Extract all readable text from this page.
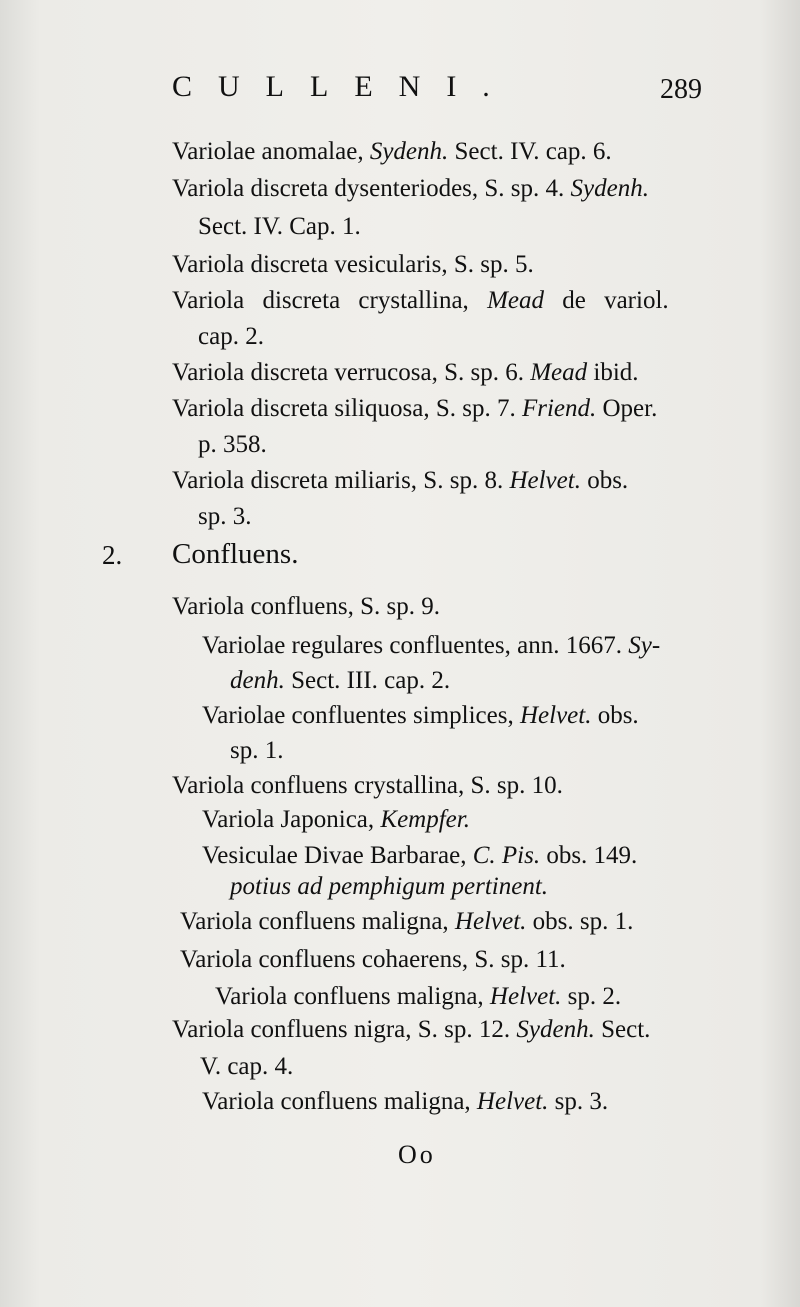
CULLENI.	289
Variolae anomalae, Sydenh. Sect. IV. cap. 6.
Variola discreta dysenteriodes, S. sp. 4. Sydenh.
Sect. IV. Cap. 1.
Variola discreta vesicularis, S. sp. 5.
Variola discreta crystallina, Mead de variol.
cap. 2.
Variola discreta verrucosa, S. sp. 6. Mead ibid.
Variola discreta siliquosa, S. sp. 7. Friend. Oper.
p. 358.
Variola discreta miliaris, S. sp. 8. Helvet. obs.
sp. 3.
2. Confluens.
Variola confluens, S. sp. 9.
Variolae regulares confluentes, ann. 1667. Sy-
denh. Sect. III. cap. 2.
Variolae confluentes simplices, Helvet. obs.
sp. 1.
Variola confluens crystallina, S. sp. 10.
Variola Japonica, Kempfer.
Vesiculae Divae Barbarae, C. Pis. obs. 149.
potius ad pemphigum pertinent.
Variola confluens maligna, Helvet. obs. sp. 1.
Variola confluens cohaerens, S. sp. 11.
Variola confluens maligna, Helvet. sp. 2.
Variola confluens nigra, S. sp. 12. Sydenh. Sect.
V. cap. 4.
Variola confluens maligna, Helvet. sp. 3.
Oo
